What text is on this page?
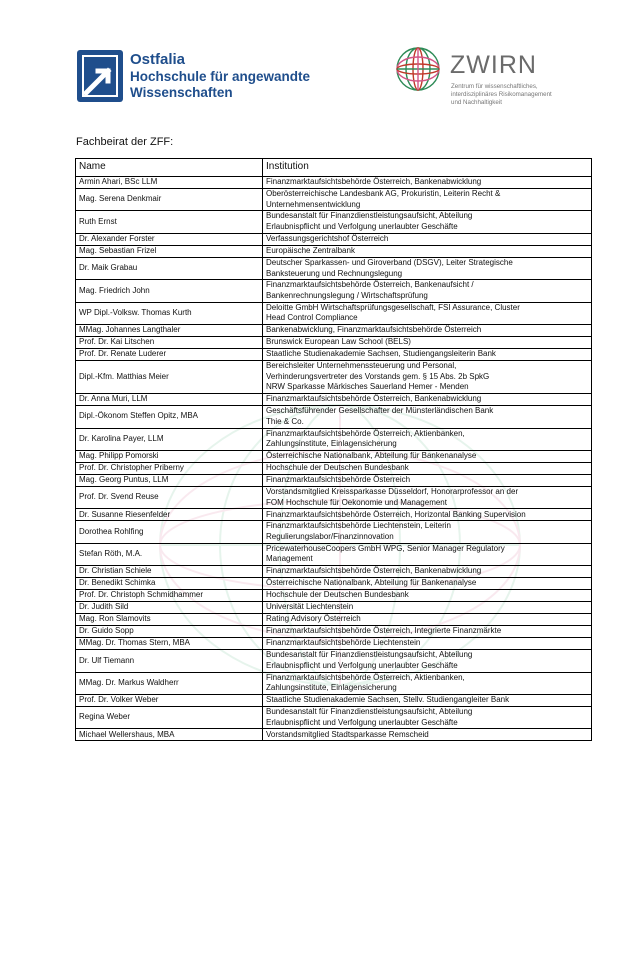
Ostfalia
Hochschule für angewandte
Wissenschaften
ZWIRN
Zentrum für wissenschaftliches,
interdisziplinäres Risikomanagement
und Nachhaltigkeit
Fachbeirat der ZFF:
Name	Institution
Armin Ahari, BSc LLM	Finanzmarktaufsichtsbehörde Österreich, Bankenabwicklung

Mag. Serena Denkmair	Oberösterreichische Landesbank AG, Prokuristin, Leiterin Recht &
Unternehmensentwicklung

Ruth Ernst	Bundesanstalt für Finanzdienstleistungsaufsicht, Abteilung
Erlaubnispflicht und Verfolgung unerlaubter Geschäfte

Dr. Alexander Forster	Verfassungsgerichtshof Österreich

Mag. Sebastian Frizel	Europäische Zentralbank

Dr. Maik Grabau	Deutscher Sparkassen- und Giroverband (DSGV), Leiter Strategische
Banksteuerung und Rechnungslegung

Mag. Friedrich John	Finanzmarktaufsichtsbehörde Österreich, Bankenaufsicht /
Bankenrechnungslegung / Wirtschaftsprüfung

WP Dipl.-Volksw. Thomas Kurth	Deloitte GmbH Wirtschaftsprüfungsgesellschaft, FSI Assurance, Cluster
Head Control Compliance

MMag. Johannes Langthaler	Bankenabwicklung, Finanzmarktaufsichtsbehörde Österreich

Prof. Dr. Kai Litschen	Brunswick European Law School (BELS)

Prof. Dr. Renate Luderer	Staatliche Studienakademie Sachsen, Studiengangsleiterin Bank

Dipl.-Kfm. Matthias Meier	Bereichsleiter Unternehmenssteuerung und Personal,
Verhinderungsvertreter des Vorstands gem. § 15 Abs. 2b SpkG
NRW Sparkasse Märkisches Sauerland Hemer - Menden

Dr. Anna Muri, LLM	Finanzmarktaufsichtsbehörde Österreich, Bankenabwicklung

Dipl.-Ökonom Steffen Opitz, MBA	Geschäftsführender Gesellschafter der Münsterländischen Bank
Thie & Co.

Dr. Karolina Payer, LLM	Finanzmarktaufsichtsbehörde Österreich, Aktienbanken,
Zahlungsinstitute, Einlagensicherung

Mag. Philipp Pomorski	Österreichische Nationalbank, Abteilung für Bankenanalyse

Prof. Dr. Christopher Priberny	Hochschule der Deutschen Bundesbank

Mag. Georg Puntus, LLM	Finanzmarktaufsichtsbehörde Österreich

Prof. Dr. Svend Reuse	Vorstandsmitglied Kreissparkasse Düsseldorf, Honorarprofessor an der
FOM Hochschule für Oekonomie und Management

Dr. Susanne Riesenfelder	Finanzmarktaufsichtsbehörde Österreich, Horizontal Banking Supervision

Dorothea Rohlfing	Finanzmarktaufsichtsbehörde Liechtenstein, Leiterin
Regulierungslabor/Finanzinnovation

Stefan Röth, M.A.	PricewaterhouseCoopers GmbH WPG, Senior Manager Regulatory
Management

Dr. Christian Schiele	Finanzmarktaufsichtsbehörde Österreich, Bankenabwicklung

Dr. Benedikt Schimka	Österreichische Nationalbank, Abteilung für Bankenanalyse

Prof. Dr. Christoph Schmidhammer	Hochschule der Deutschen Bundesbank

Dr. Judith Sild	Universität Liechtenstein

Mag. Ron Slamovits	Rating Advisory Österreich

Dr. Guido Sopp	Finanzmarktaufsichtsbehörde Österreich, Integrierte Finanzmärkte

MMag. Dr. Thomas Stern, MBA	Finanzmarktaufsichtsbehörde Liechtenstein

Dr. Ulf Tiemann	Bundesanstalt für Finanzdienstleistungsaufsicht, Abteilung
Erlaubnispflicht und Verfolgung unerlaubter Geschäfte

MMag. Dr. Markus Waldherr	Finanzmarktaufsichtsbehörde Österreich, Aktienbanken,
Zahlungsinstitute, Einlagensicherung

Prof. Dr. Volker Weber	Staatliche Studienakademie Sachsen, Stellv. Studiengangleiter Bank

Regina Weber	Bundesanstalt für Finanzdienstleistungsaufsicht, Abteilung
Erlaubnispflicht und Verfolgung unerlaubter Geschäfte

Michael Wellershaus, MBA	Vorstandsmitglied Stadtsparkasse Remscheid
